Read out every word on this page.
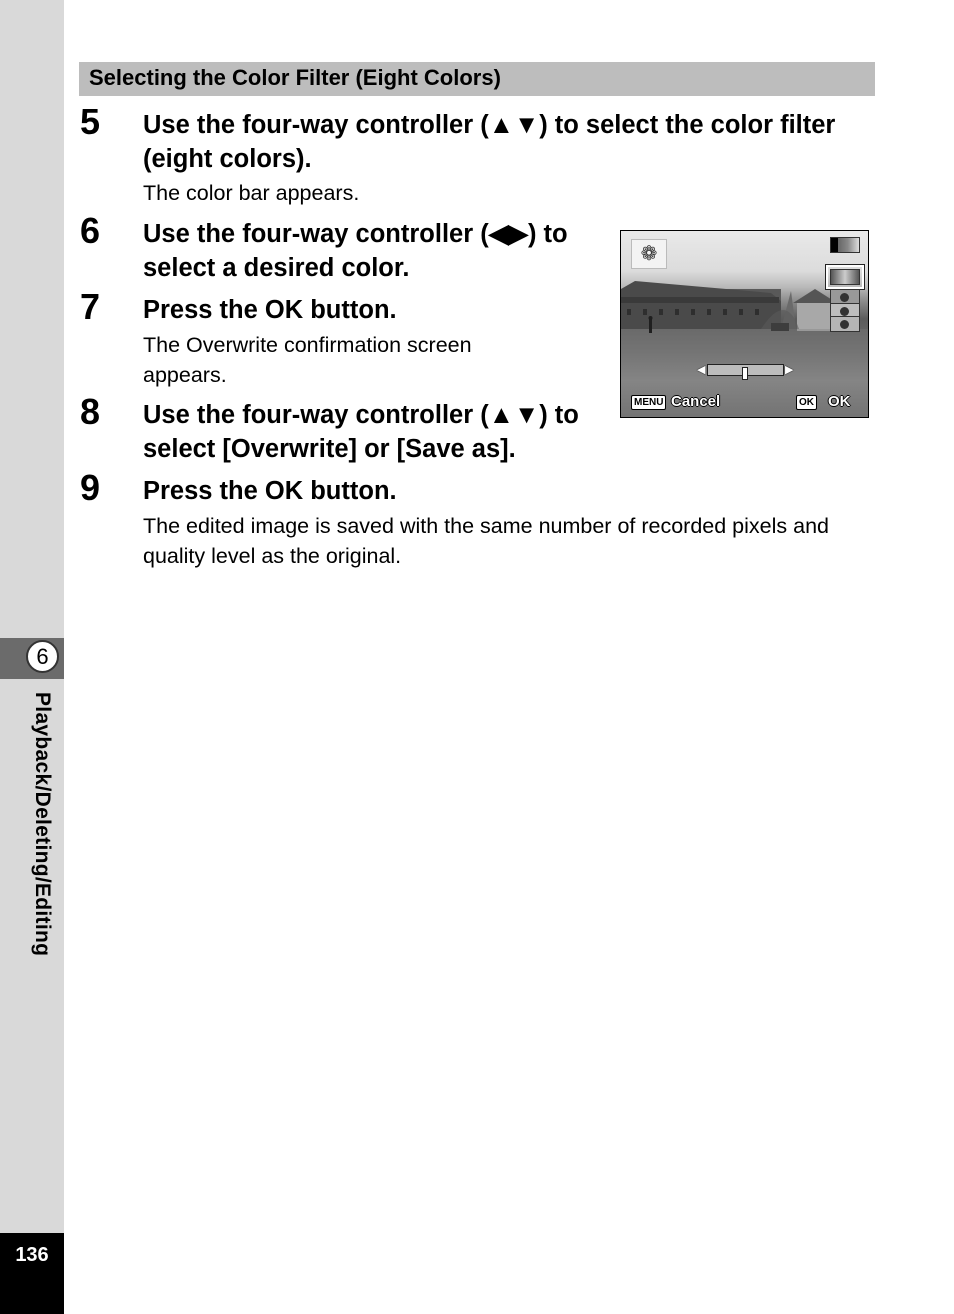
6
Playback/Deleting/Editing
136
Selecting the Color Filter (Eight Colors)
5 Use the four-way controller (▲▼) to select the color filter (eight colors).
The color bar appears.
6 Use the four-way controller (◀▶) to select a desired color.
7 Press the OK button.
The Overwrite confirmation screen appears.
8 Use the four-way controller (▲▼) to select [Overwrite] or [Save as].
9 Press the OK button.
The edited image is saved with the same number of recorded pixels and quality level as the original.
❁
◀	▶
MENU Cancel	OK OK
